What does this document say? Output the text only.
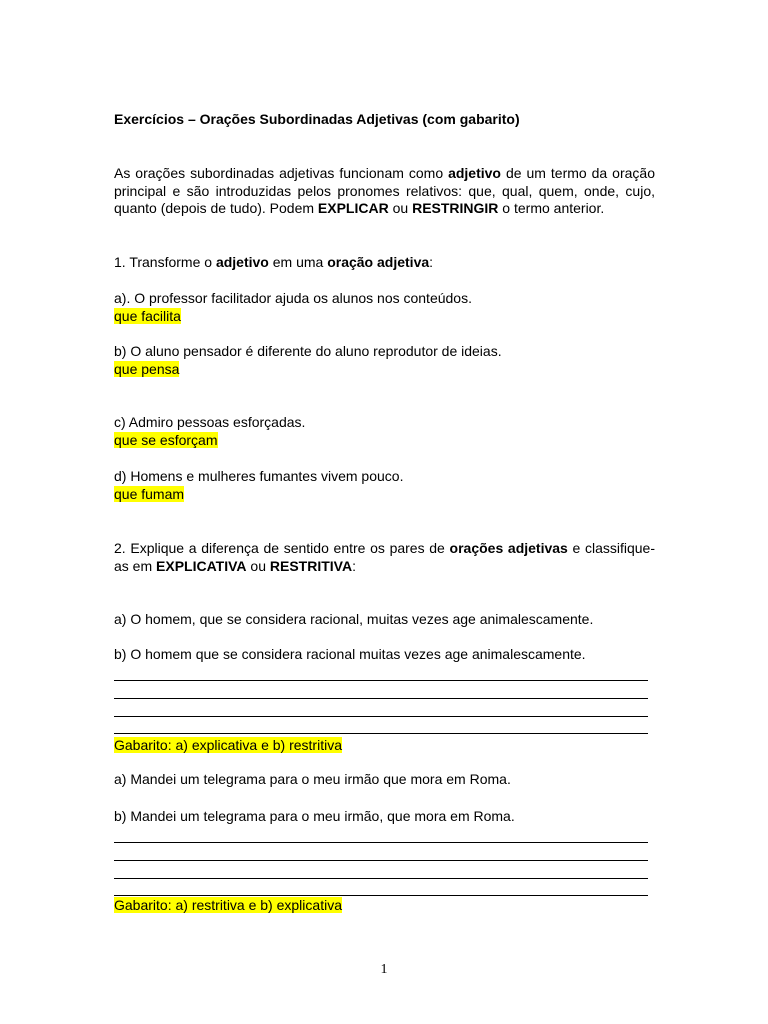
Exercícios – Orações Subordinadas Adjetivas (com gabarito)
As orações subordinadas adjetivas funcionam como adjetivo de um termo da oração principal e são introduzidas pelos pronomes relativos: que, qual, quem, onde, cujo, quanto (depois de tudo). Podem EXPLICAR ou RESTRINGIR o termo anterior.
1. Transforme o adjetivo em uma oração adjetiva:
a). O professor facilitador ajuda os alunos nos conteúdos.
que facilita
b) O aluno pensador é diferente do aluno reprodutor de ideias.
que pensa
c) Admiro pessoas esforçadas.
que se esforçam
d) Homens e mulheres fumantes vivem pouco.
que fumam
2. Explique a diferença de sentido entre os pares de orações adjetivas e classifique-as em EXPLICATIVA ou RESTRITIVA:
a) O homem, que se considera racional, muitas vezes age animalescamente.
b) O homem que se considera racional muitas vezes age animalescamente.
Gabarito: a) explicativa e b) restritiva
a) Mandei um telegrama para o meu irmão que mora em Roma.
b) Mandei um telegrama para o meu irmão, que mora em Roma.
Gabarito: a) restritiva e b) explicativa
1
